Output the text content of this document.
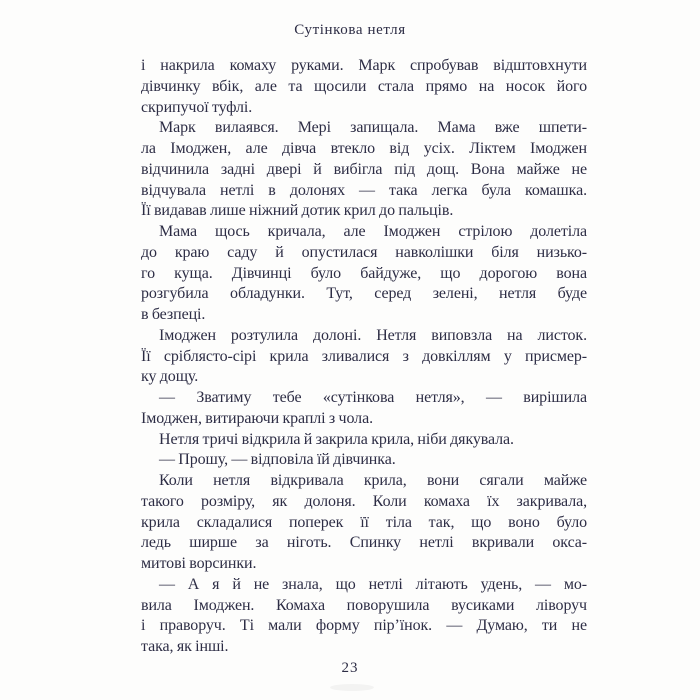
Сутінкова нетля
і накрила комаху руками. Марк спробував відштовхнути
дівчинку вбік, але та щосили стала прямо на носок його
скрипучої туфлі.
Марк вилаявся. Мері запищала. Мама вже шпети-
ла Імоджен, але дівча втекло від усіх. Ліктем Імоджен
відчинила задні двері й вибігла під дощ. Вона майже не
відчувала нетлі в долонях — така легка була комашка.
Її видавав лише ніжний дотик крил до пальців.
Мама щось кричала, але Імоджен стрілою долетіла
до краю саду й опустилася навколішки біля низько-
го куща. Дівчинці було байдуже, що дорогою вона
розгубила обладунки. Тут, серед зелені, нетля буде
в безпеці.
Імоджен розтулила долоні. Нетля виповзла на листок.
Її сріблясто-сірі крила зливалися з довкіллям у присмер-
ку дощу.
— Зватиму тебе «сутінкова нетля», — вирішила
Імоджен, витираючи краплі з чола.
Нетля тричі відкрила й закрила крила, ніби дякувала.
— Прошу, — відповіла їй дівчинка.
Коли нетля відкривала крила, вони сягали майже
такого розміру, як долоня. Коли комаха їх закривала,
крила складалися поперек її тіла так, що воно було
ледь ширше за ніготь. Спинку нетлі вкривали окса-
митові ворсинки.
— А я й не знала, що нетлі літають удень, — мо-
вила Імоджен. Комаха поворушила вусиками ліворуч
і праворуч. Ті мали форму пір’їнок. — Думаю, ти не
така, як інші.
23
